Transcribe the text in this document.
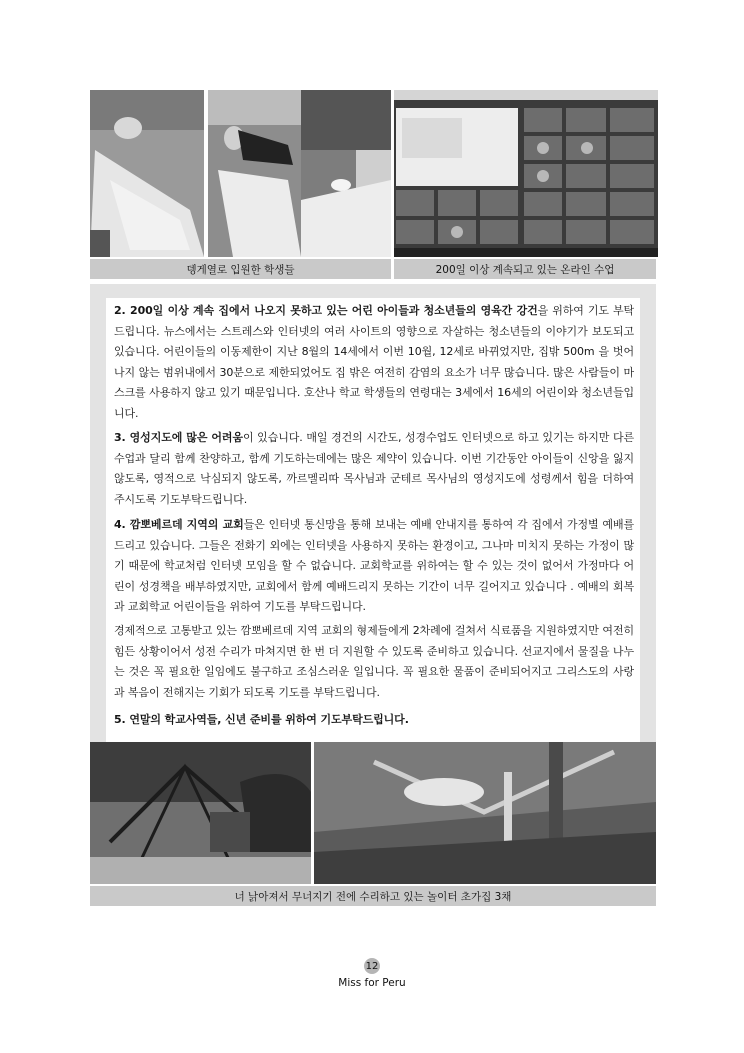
뎅게열로 입원한 학생들	200일 이상 계속되고 있는 온라인 수업
2. 200일 이상 계속 집에서 나오지 못하고 있는 어린 아이들과 청소년들의 영육간 강건을 위하여 기도 부탁드립니다. 뉴스에서는 스트레스와 인터넷의 여러 사이트의 영향으로 자살하는 청소년들의 이야기가 보도되고 있습니다. 어린이들의 이동제한이 지난 8월의 14세에서 이번 10월, 12세로 바뀌었지만, 집밖 500m 을 벗어나지 않는 범위내에서 30분으로 제한되었어도 집 밖은 여전히 감염의 요소가 너무 많습니다. 많은 사람들이 마스크를 사용하지 않고 있기 때문입니다. 호산나 학교 학생들의 연령대는 3세에서 16세의 어린이와 청소년들입니다.
3. 영성지도에 많은 어려움이 있습니다. 매일 경건의 시간도, 성경수업도 인터넷으로 하고 있기는 하지만 다른 수업과 달리 함께 찬양하고, 함께 기도하는데에는 많은 제약이 있습니다. 이번 기간동안 아이들이 신앙을 잃지 않도록, 영적으로 낙심되지 않도록, 까르멜리따 목사님과 군테르 목사님의 영성지도에 성령께서 힘을 더하여 주시도록 기도부탁드립니다.
4. 깜뽀베르데 지역의 교회들은 인터넷 통신망을 통해 보내는 예배 안내지를 통하여 각 집에서 가정별 예배를 드리고 있습니다. 그들은 전화기 외에는 인터넷을 사용하지 못하는 환경이고, 그나마 미치지 못하는 가정이 많기 때문에 학교처럼 인터넷 모임을 할 수 없습니다. 교회학교를 위하여는 할 수 있는 것이 없어서 가정마다 어린이 성경책을 배부하였지만, 교회에서 함께 예배드리지 못하는 기간이 너무 길어지고 있습니다 . 예배의 회복과 교회학교 어린이들을 위하여 기도를 부탁드립니다.
경제적으로 고통받고 있는 깜뽀베르데 지역 교회의 형제들에게 2차례에 걸쳐서 식료품을 지원하였지만 여전히 힘든 상황이어서 성전 수리가 마쳐지면 한 번 더 지원할 수 있도록 준비하고 있습니다. 선교지에서 물질을 나누는 것은 꼭 필요한 일임에도 불구하고 조심스러운 일입니다. 꼭 필요한 물품이 준비되어지고 그리스도의 사랑과 복음이 전해지는 기회가 되도록 기도를 부탁드립니다.
5. 연말의 학교사역들, 신년 준비를 위하여 기도부탁드립니다.
너 낡아져서 무너지기 전에 수리하고 있는 놀이터 초가집 3채
12
Miss for Peru
